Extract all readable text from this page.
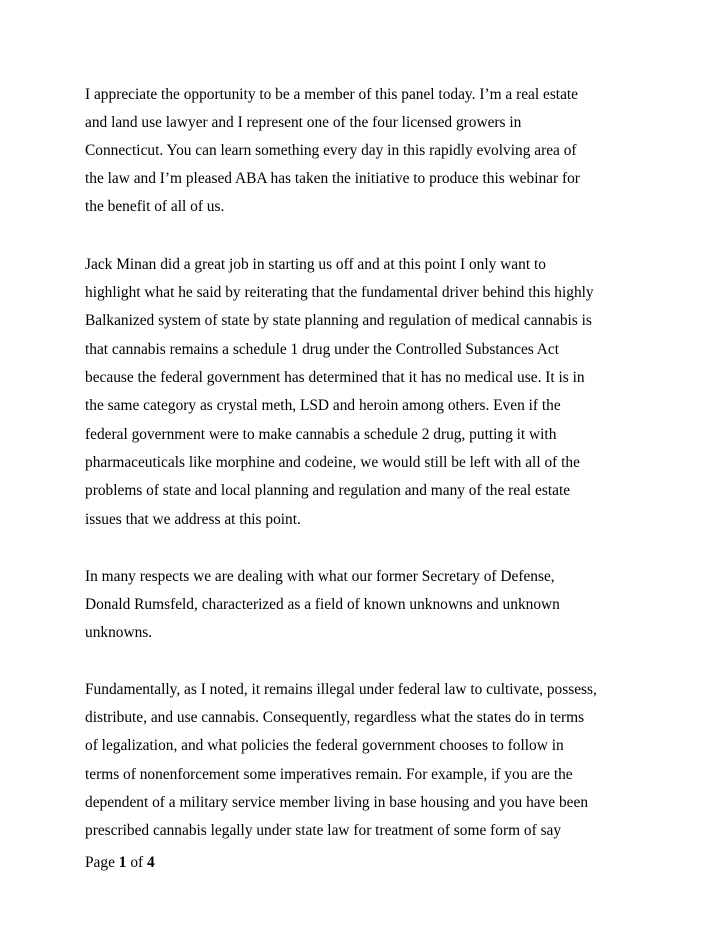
I appreciate the opportunity to be a member of this panel today. I’m a real estate
and land use lawyer and I represent one of the four licensed growers in
Connecticut. You can learn something every day in this rapidly evolving area of
the law and I’m pleased ABA has taken the initiative to produce this webinar for
the benefit of all of us.
Jack Minan did a great job in starting us off and at this point I only want to
highlight what he said by reiterating that the fundamental driver behind this highly
Balkanized system of state by state planning and regulation of medical cannabis is
that cannabis remains a schedule 1 drug under the Controlled Substances Act
because the federal government has determined that it has no medical use. It is in
the same category as crystal meth, LSD and heroin among others. Even if the
federal government were to make cannabis a schedule 2 drug, putting it with
pharmaceuticals like morphine and codeine, we would still be left with all of the
problems of state and local planning and regulation and many of the real estate
issues that we address at this point.
In many respects we are dealing with what our former Secretary of Defense,
Donald Rumsfeld, characterized as a field of known unknowns and unknown
unknowns.
Fundamentally, as I noted, it remains illegal under federal law to cultivate, possess,
distribute, and use cannabis. Consequently, regardless what the states do in terms
of legalization, and what policies the federal government chooses to follow in
terms of nonenforcement some imperatives remain. For example, if you are the
dependent of a military service member living in base housing and you have been
prescribed cannabis legally under state law for treatment of some form of say
Page 1 of 4
